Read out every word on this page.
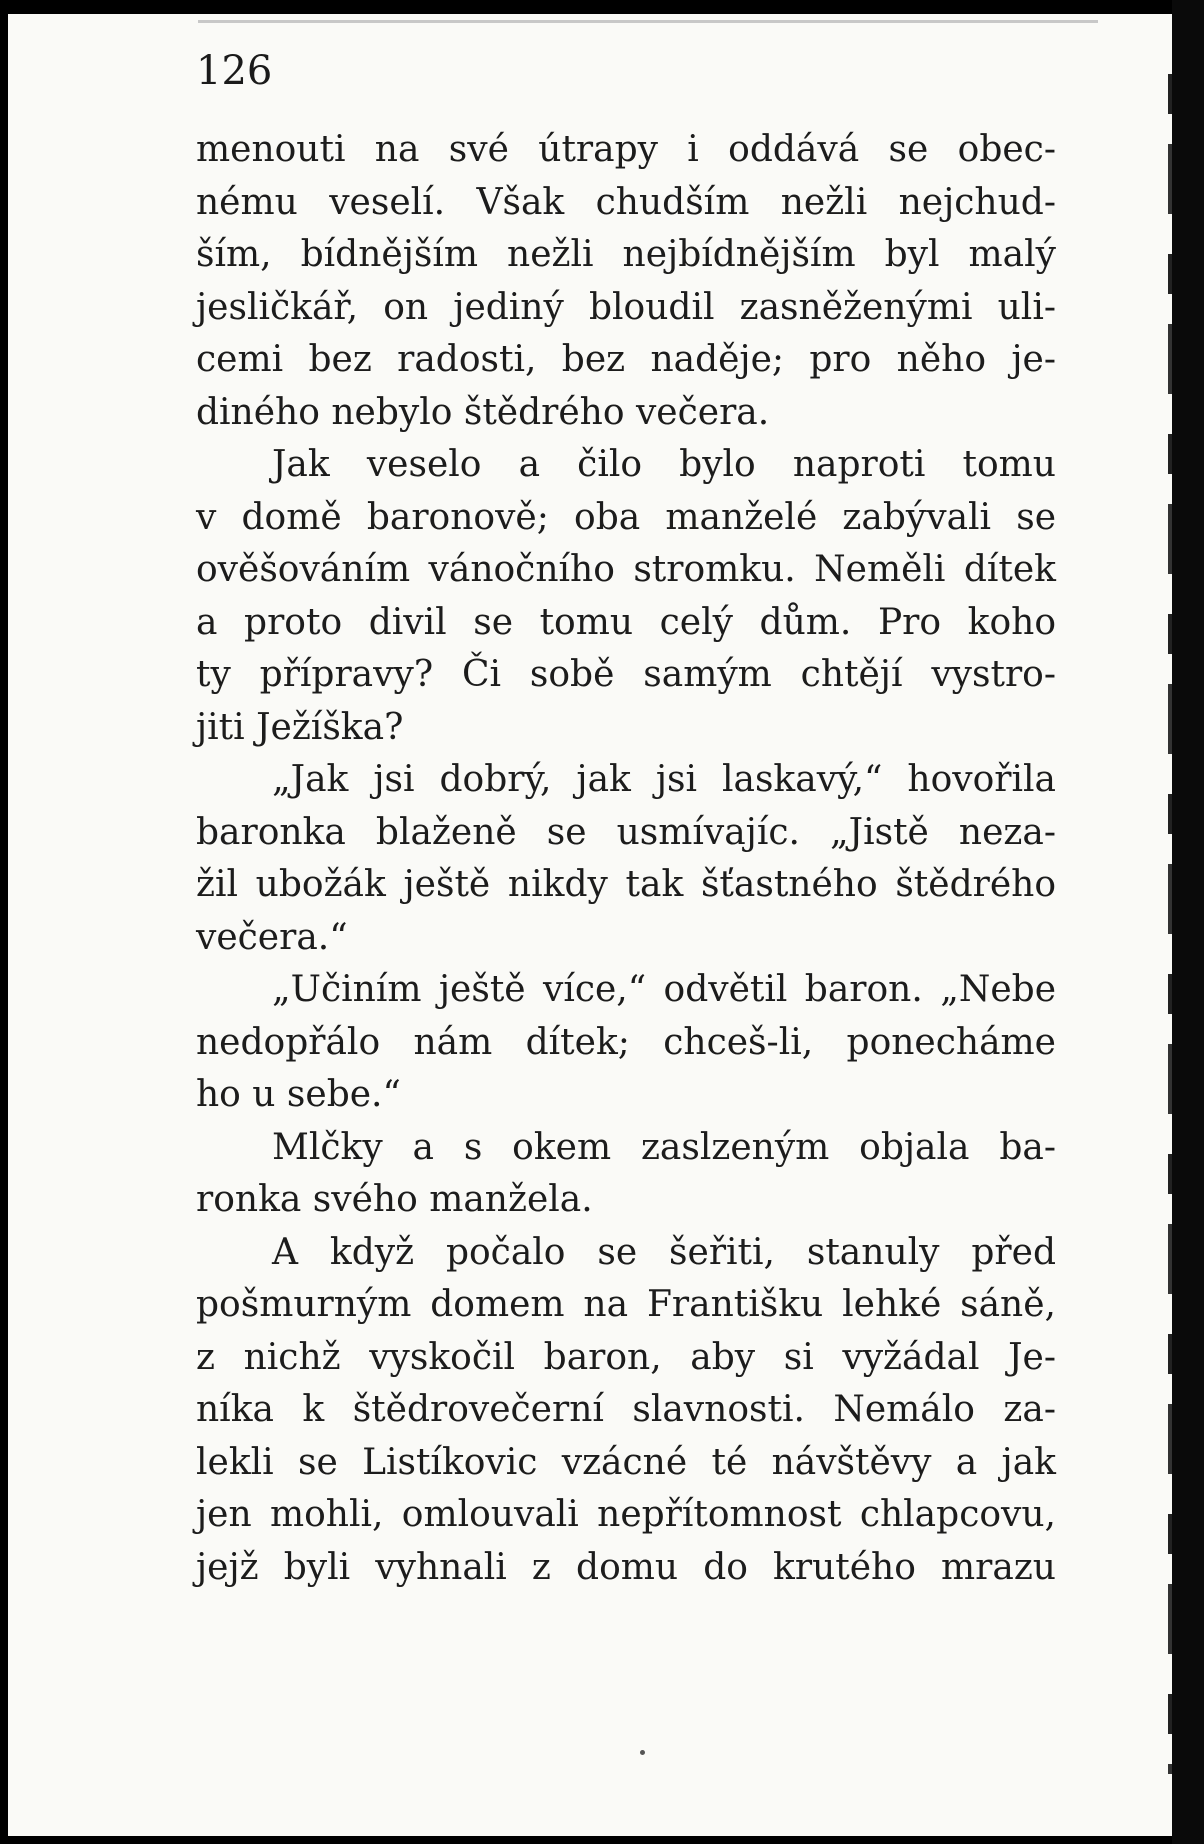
126
menouti na své útrapy i oddává se obec-
nému veselí. Však chudším nežli nejchud-
ším, bídnějším nežli nejbídnějším byl malý
jesličkář, on jediný bloudil zasněženými uli-
cemi bez radosti, bez naděje; pro něho je-
diného nebylo štědrého večera.
Jak veselo a čilo bylo naproti tomu
v domě baronově; oba manželé zabývali se
ověšováním vánočního stromku. Neměli dítek
a proto divil se tomu celý dům. Pro koho
ty přípravy? Či sobě samým chtějí vystro-
jiti Ježíška?
„Jak jsi dobrý, jak jsi laskavý,“ hovořila
baronka blaženě se usmívajíc. „Jistě neza-
žil ubožák ještě nikdy tak šťastného štědrého
večera.“
„Učiním ještě více,“ odvětil baron. „Nebe
nedopřálo nám dítek; chceš-li, ponecháme
ho u sebe.“
Mlčky a s okem zaslzeným objala ba-
ronka svého manžela.
A když počalo se šeřiti, stanuly před
pošmurným domem na Františku lehké sáně,
z nichž vyskočil baron, aby si vyžádal Je-
níka k štědrovečerní slavnosti. Nemálo za-
lekli se Listíkovic vzácné té návštěvy a jak
jen mohli, omlouvali nepřítomnost chlapcovu,
jejž byli vyhnali z domu do krutého mrazu
